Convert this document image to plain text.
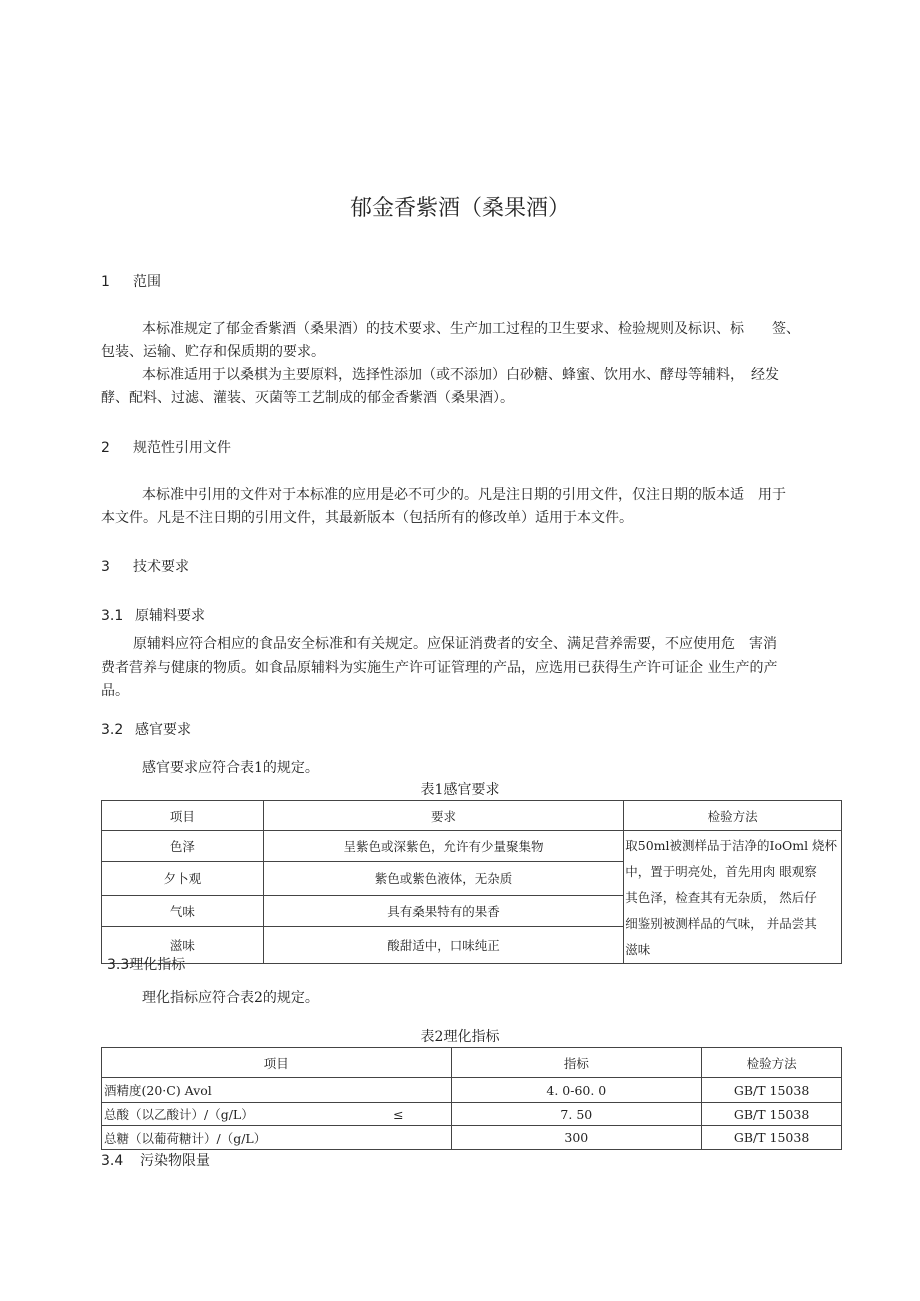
郁金香紫酒（桑果酒）
1 范围
本标准规定了郁金香紫酒（桑果酒）的技术要求、生产加工过程的卫生要求、检验规则及标识、标　　签、
包装、运输、贮存和保质期的要求。
本标准适用于以桑棋为主要原料，选择性添加（或不添加）白砂糖、蜂蜜、饮用水、酵母等辅料，　经发
酵、配料、过滤、灌装、灭菌等工艺制成的郁金香紫酒（桑果酒）。
2 规范性引用文件
本标准中引用的文件对于本标准的应用是必不可少的。凡是注日期的引用文件，仅注日期的版本适　用于
本文件。凡是不注日期的引用文件，其最新版本（包括所有的修改单）适用于本文件。
3 技术要求
3.1 原辅料要求
原辅料应符合相应的食品安全标准和有关规定。应保证消费者的安全、满足营养需要，不应使用危　害消
费者营养与健康的物质。如食品原辅料为实施生产许可证管理的产品，应选用已获得生产许可证企 业生产的产
品。
3.2 感官要求
感官要求应符合表1的规定。
表1感官要求
项目	要求	检验方法
色泽	呈紫色或深紫色，允许有少量聚集物	取50ml被测样品于洁净的IoOml 烧杯
中，置于明亮处，首先用肉 眼观察
其色泽，检查其有无杂质， 然后仔
细鉴别被测样品的气味， 并品尝其
滋味

夕卜观	紫色或紫色液体，无杂质	
气味	具有桑果特有的果香	
滋味	酸甜适中，口味纯正	
3.3理化指标
理化指标应符合表2的规定。
表2理化指标
项目		指标	检验方法
酒精度(20·C) Avol		4. 0-60. 0	GB/T 15038
总酸（以乙酸计）/（g/L）	≤	7. 50	GB/T 15038
总糖（以葡荷糖计）/（g/L）		300	GB/T 15038
3.4 污染物限量
